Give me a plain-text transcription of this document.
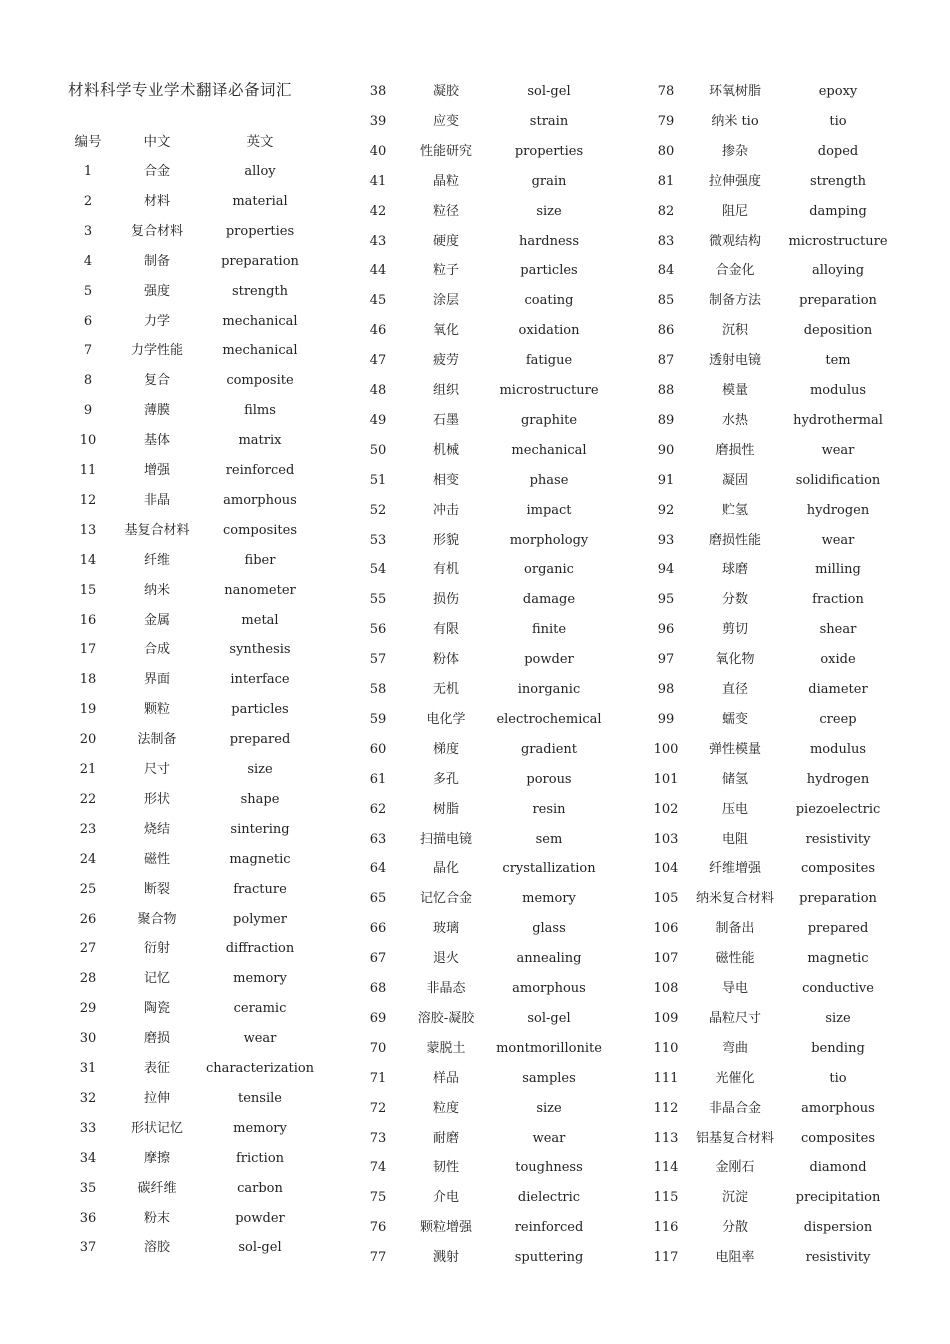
材料科学专业学术翻译必备词汇
编号	中文	英文
1	合金	alloy
2	材料	material
3	复合材料	properties
4	制备	preparation
5	强度	strength
6	力学	mechanical
7	力学性能	mechanical
8	复合	composite
9	薄膜	films
10	基体	matrix
11	增强	reinforced
12	非晶	amorphous
13	基复合材料	composites
14	纤维	fiber
15	纳米	nanometer
16	金属	metal
17	合成	synthesis
18	界面	interface
19	颗粒	particles
20	法制备	prepared
21	尺寸	size
22	形状	shape
23	烧结	sintering
24	磁性	magnetic
25	断裂	fracture
26	聚合物	polymer
27	衍射	diffraction
28	记忆	memory
29	陶瓷	ceramic
30	磨损	wear
31	表征	characterization
32	拉伸	tensile
33	形状记忆	memory
34	摩擦	friction
35	碳纤维	carbon
36	粉末	powder
37	溶胶	sol-gel
38	凝胶	sol-gel
39	应变	strain
40	性能研究	properties
41	晶粒	grain
42	粒径	size
43	硬度	hardness
44	粒子	particles
45	涂层	coating
46	氧化	oxidation
47	疲劳	fatigue
48	组织	microstructure
49	石墨	graphite
50	机械	mechanical
51	相变	phase
52	冲击	impact
53	形貌	morphology
54	有机	organic
55	损伤	damage
56	有限	finite
57	粉体	powder
58	无机	inorganic
59	电化学	electrochemical
60	梯度	gradient
61	多孔	porous
62	树脂	resin
63	扫描电镜	sem
64	晶化	crystallization
65	记忆合金	memory
66	玻璃	glass
67	退火	annealing
68	非晶态	amorphous
69	溶胶-凝胶	sol-gel
70	蒙脱土	montmorillonite
71	样品	samples
72	粒度	size
73	耐磨	wear
74	韧性	toughness
75	介电	dielectric
76	颗粒增强	reinforced
77	溅射	sputtering
78	环氧树脂	epoxy
79	纳米 tio	tio
80	掺杂	doped
81	拉伸强度	strength
82	阻尼	damping
83	微观结构	microstructure
84	合金化	alloying
85	制备方法	preparation
86	沉积	deposition
87	透射电镜	tem
88	模量	modulus
89	水热	hydrothermal
90	磨损性	wear
91	凝固	solidification
92	贮氢	hydrogen
93	磨损性能	wear
94	球磨	milling
95	分数	fraction
96	剪切	shear
97	氧化物	oxide
98	直径	diameter
99	蠕变	creep
100	弹性模量	modulus
101	储氢	hydrogen
102	压电	piezoelectric
103	电阻	resistivity
104	纤维增强	composites
105	纳米复合材料	preparation
106	制备出	prepared
107	磁性能	magnetic
108	导电	conductive
109	晶粒尺寸	size
110	弯曲	bending
111	光催化	tio
112	非晶合金	amorphous
113	铝基复合材料	composites
114	金刚石	diamond
115	沉淀	precipitation
116	分散	dispersion
117	电阻率	resistivity
